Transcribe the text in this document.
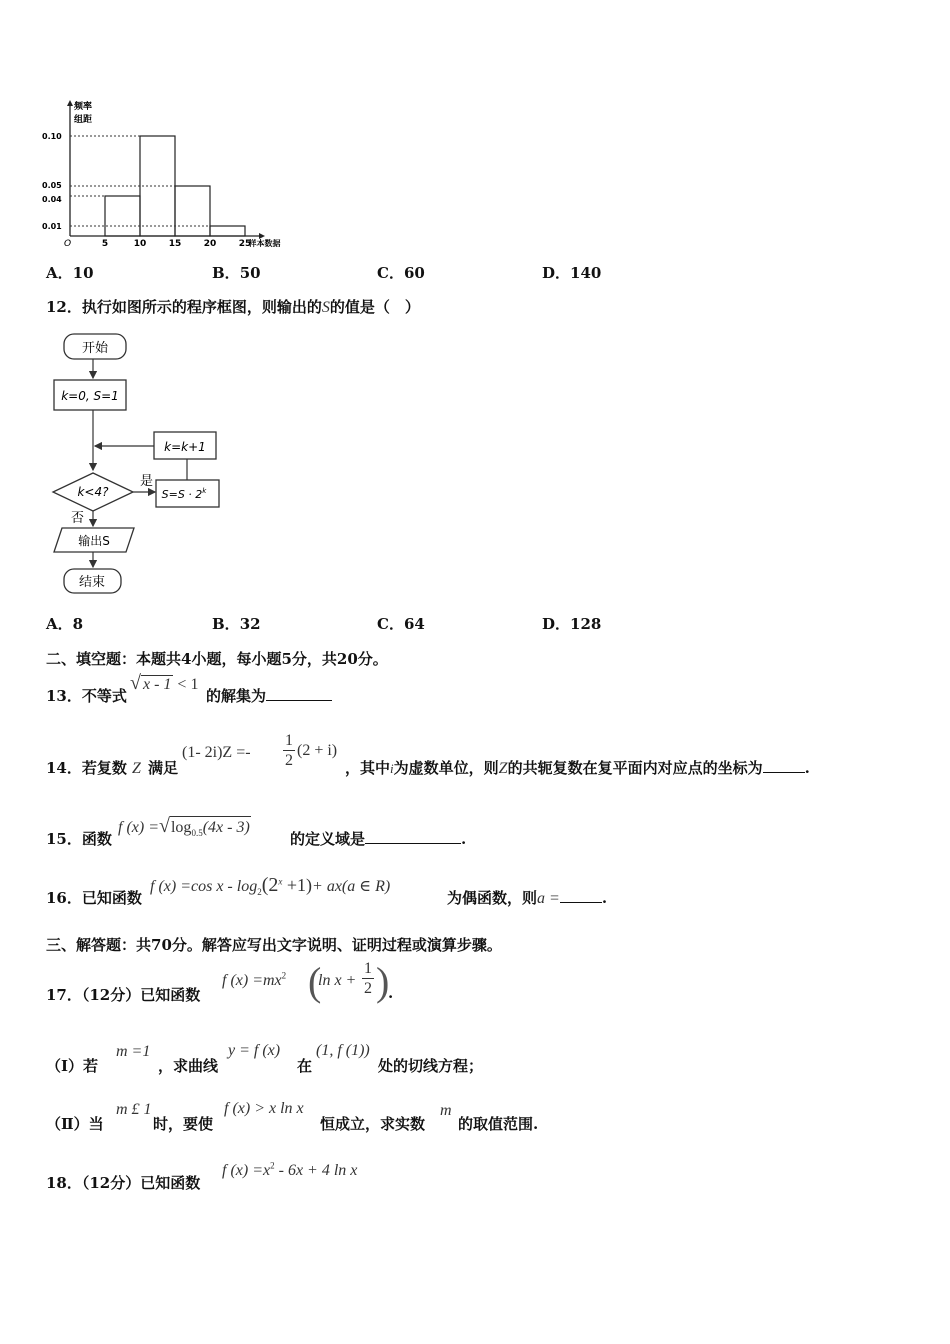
频率
组距
样本数据
O
0.10
0.05
0.04
0.01
5	10 15 20 25
A．10	B．50	C．60	D．140
12．执行如图所示的程序框图，则输出的S的值是（　）
开始
k=0, S=1
k=k+1
k<4?
是
$S=S \cdot 2^k$
否
输出S
结束
A．8	B．32	C．64	D．128
二、填空题：本题共4小题，每小题5分，共20分。
13．不等式
√ x - 1 < 1
的解集为
14．若复数 Z 满足
(1- 2i)Z =-
1
2
(2 + i)
，其中i为虚数单位，则Z的共轭复数在复平面内对应点的坐标为	.
15．函数
f $(x) =√\log_{0.5}(4x - 3)$
的定义域是	.
16．已知函数
f (x) =cos $x - \log_2(2^x +1)+ ax(a$ ∈ R)
为偶函数，则a =	.
三、解答题：共70分。解答应写出文字说明、证明过程或演算步骤。
17．（12分）已知函数
f $(x) =mx^2$ (
ln x +
1
2 )
.
（Ⅰ）若
m =1
，求曲线
y = f (x)
在
(1, f (1))
处的切线方程；
（Ⅱ）当
m £ 1
时，要使
f (x) > x ln x
恒成立，求实数
m
的取值范围.
18．（12分）已知函数
f $(x) =x^2 - 6x + 4$ ln x
